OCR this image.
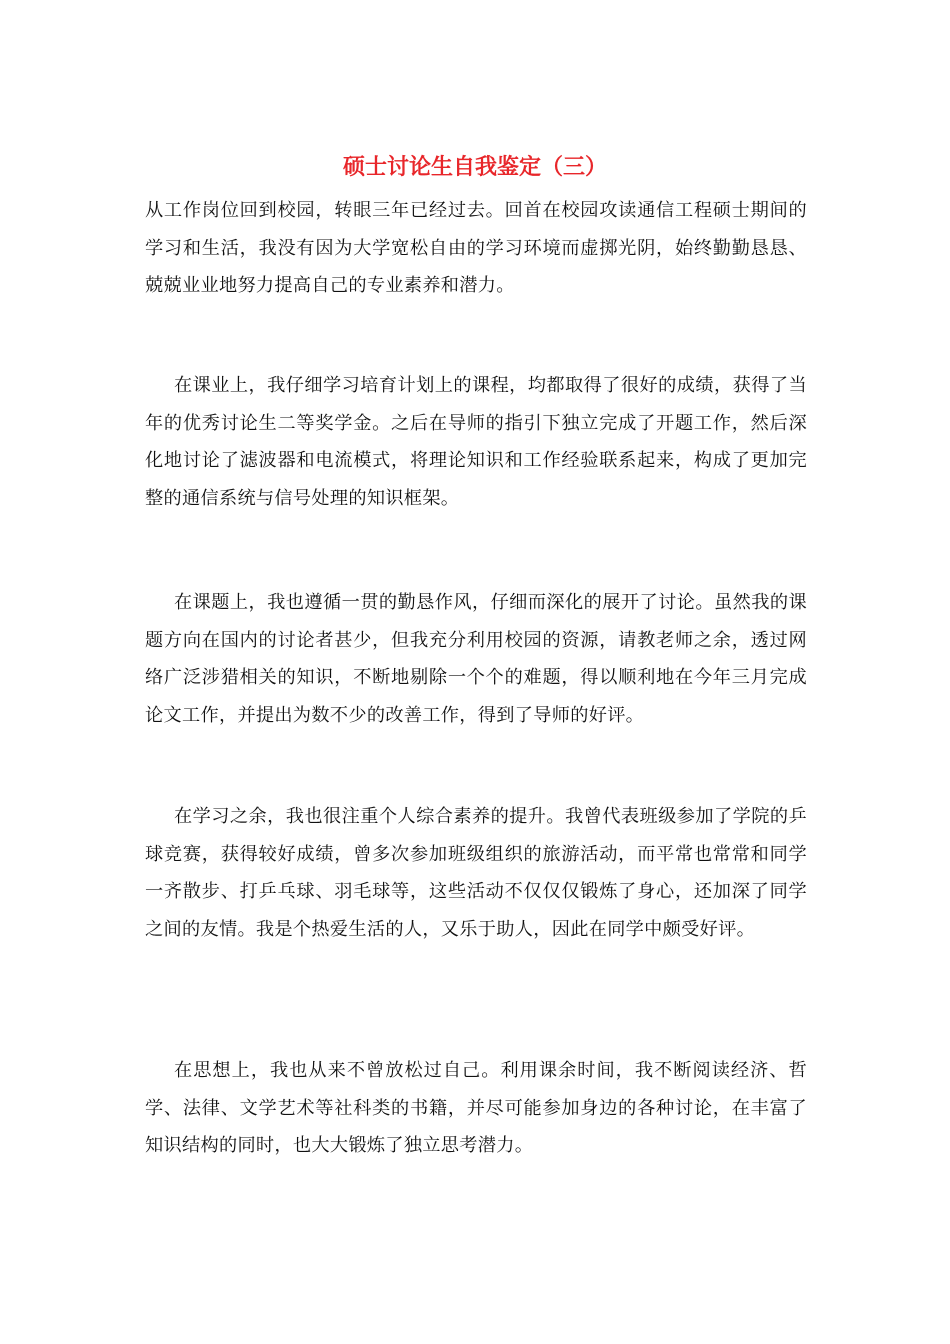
硕士讨论生自我鉴定（三）

从工作岗位回到校园，转眼三年已经过去。回首在校园攻读通信工程硕士期间的学习和生活，我没有因为大学宽松自由的学习环境而虚掷光阴，始终勤勤恳恳、兢兢业业地努力提高自己的专业素养和潜力。

在课业上，我仔细学习培育计划上的课程，均都取得了很好的成绩，获得了当年的优秀讨论生二等奖学金。之后在导师的指引下独立完成了开题工作，然后深化地讨论了滤波器和电流模式，将理论知识和工作经验联系起来，构成了更加完整的通信系统与信号处理的知识框架。

在课题上，我也遵循一贯的勤恳作风，仔细而深化的展开了讨论。虽然我的课题方向在国内的讨论者甚少，但我充分利用校园的资源，请教老师之余，透过网络广泛涉猎相关的知识，不断地剔除一个个的难题，得以顺利地在今年三月完成论文工作，并提出为数不少的改善工作，得到了导师的好评。

在学习之余，我也很注重个人综合素养的提升。我曾代表班级参加了学院的乒球竞赛，获得较好成绩，曾多次参加班级组织的旅游活动，而平常也常常和同学一齐散步、打乒乓球、羽毛球等，这些活动不仅仅仅锻炼了身心，还加深了同学之间的友情。我是个热爱生活的人，又乐于助人，因此在同学中颇受好评。

在思想上，我也从来不曾放松过自己。利用课余时间，我不断阅读经济、哲学、法律、文学艺术等社科类的书籍，并尽可能参加身边的各种讨论，在丰富了知识结构的同时，也大大锻炼了独立思考潜力。
